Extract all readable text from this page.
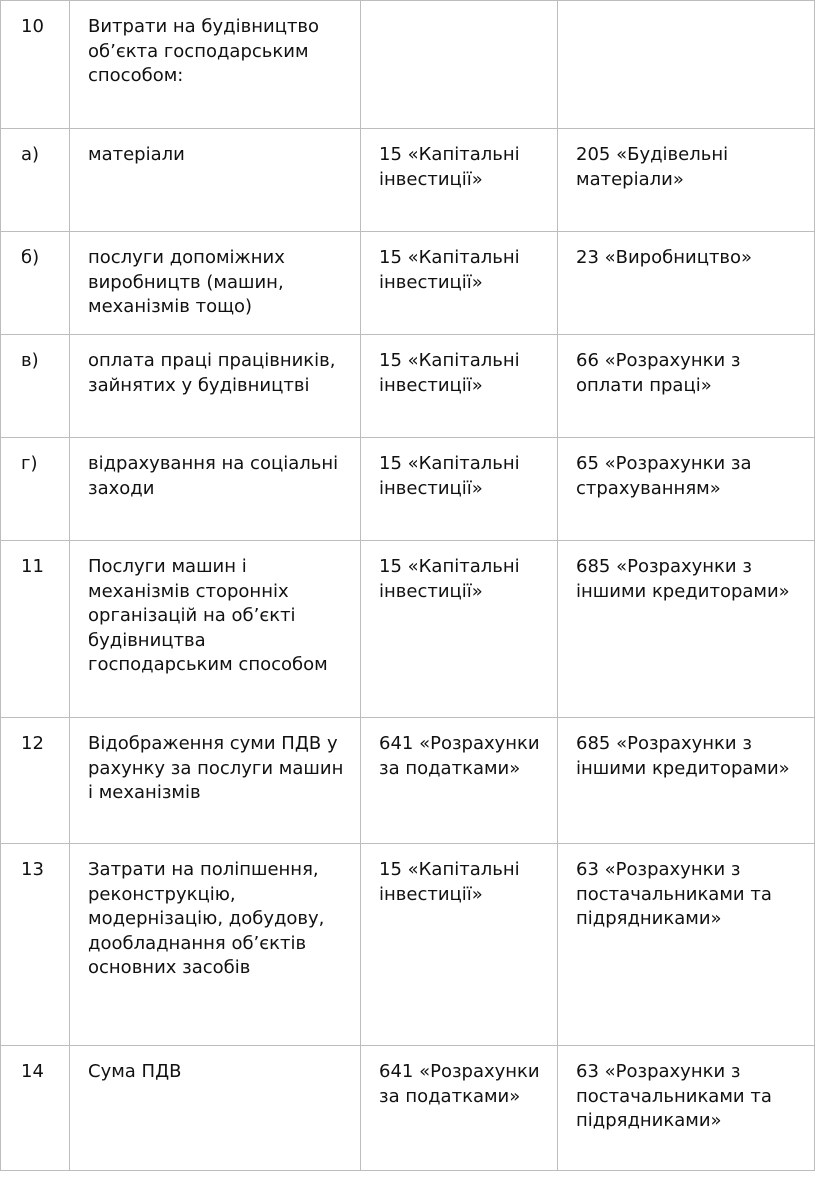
10	Витрати на будівництво об’єкта господарським способом:		
а)	матеріали	15 «Капітальні інвестиції»	205 «Будівельні матеріали»
б)	послуги допоміжних виробництв (машин, механізмів тощо)	15 «Капітальні інвестиції»	23 «Виробництво»
в)	оплата праці працівників, зайнятих у будівництві	15 «Капітальні інвестиції»	66 «Розрахунки з оплати праці»
г)	відрахування на соціальні заходи	15 «Капітальні інвестиції»	65 «Розрахунки за страхуванням»
11	Послуги машин і механізмів сторонніх організацій на об’єкті будівництва господарським способом	15 «Капітальні інвестиції»	685 «Розрахунки з іншими кредиторами»
12	Відображення суми ПДВ у рахунку за послуги машин і механізмів	641 «Розрахунки за податками»	685 «Розрахунки з іншими кредиторами»
13	Затрати на поліпшення, реконструкцію, модернізацію, добудову, дообладнання об’єктів основних засобів	15 «Капітальні інвестиції»	63 «Розрахунки з постачальниками та підрядниками»
14	Сума ПДВ	641 «Розрахунки за податками»	63 «Розрахунки з постачальниками та підрядниками»
